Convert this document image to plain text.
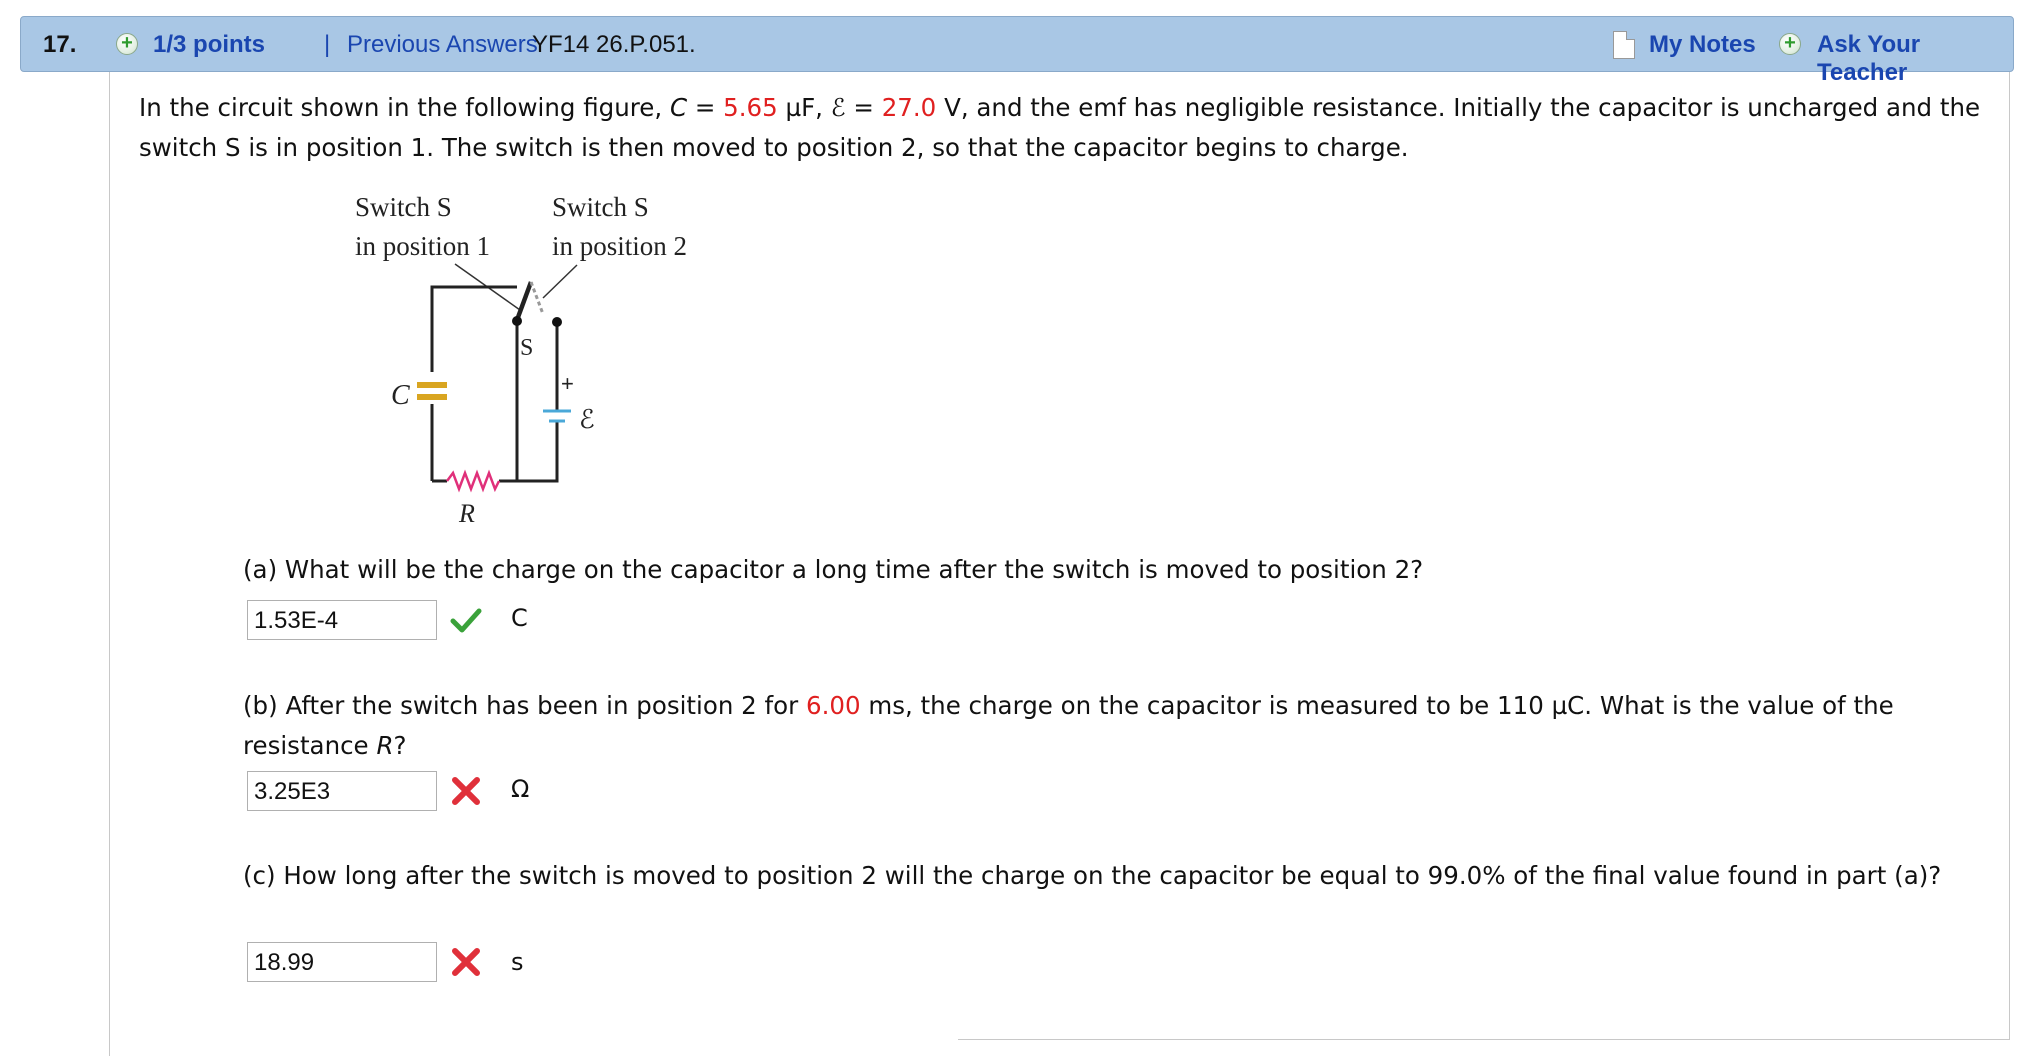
17. + 1/3 points | Previous Answers
YF14 26.P.051.	My Notes + Ask Your Teacher
In the circuit shown in the following figure, C = 5.65 µF, ℰ = 27.0 V, and the emf has negligible resistance. Initially the capacitor is uncharged and the switch S is in position 1. The switch is then moved to position 2, so that the capacitor begins to charge.
Switch S
in position 1
Switch S
in position 2
S
C	+
ℰ
R
(a) What will be the charge on the capacitor a long time after the switch is moved to position 2?
1.53E-4	C
(b) After the switch has been in position 2 for 6.00 ms, the charge on the capacitor is measured to be 110 µC. What is the value of the resistance R?
3.25E3	Ω
(c) How long after the switch is moved to position 2 will the charge on the capacitor be equal to 99.0% of the final value found in part (a)?
18.99	s
